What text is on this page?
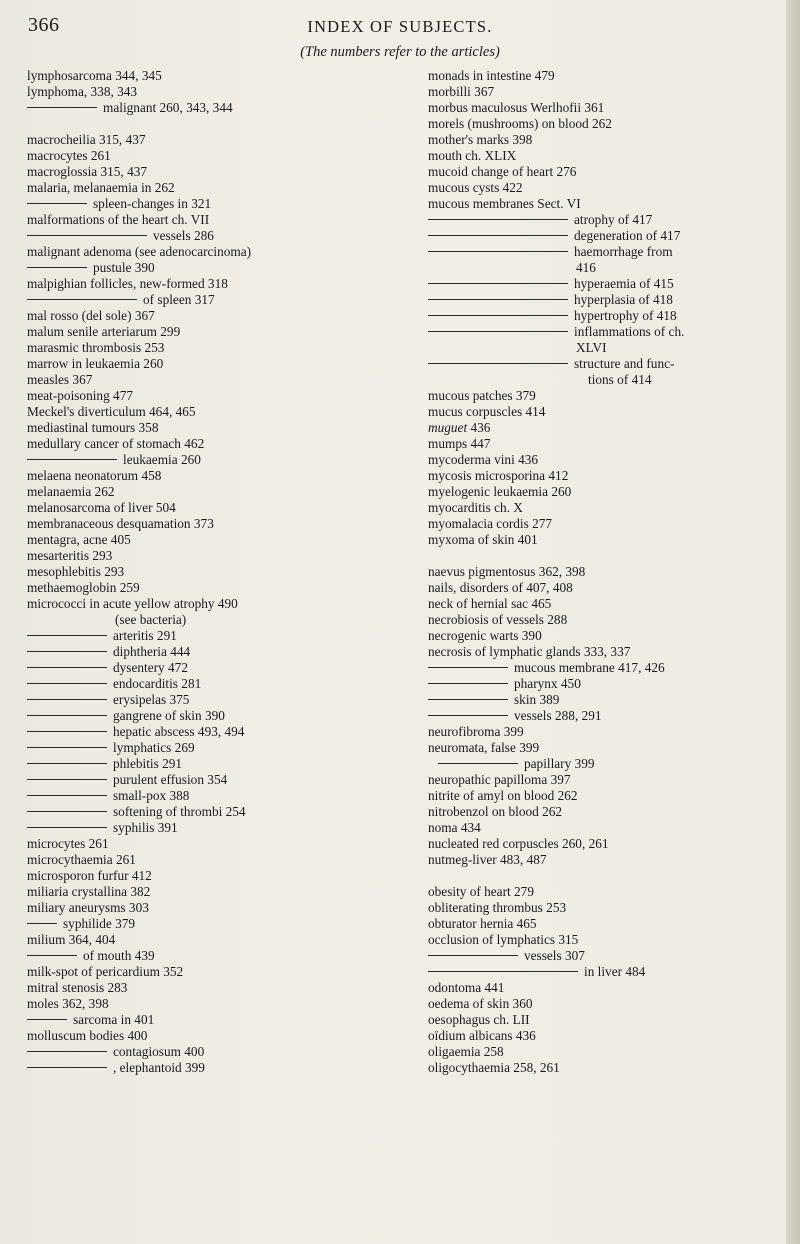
366	INDEX OF SUBJECTS.
(The numbers refer to the articles)
lymphosarcoma 344, 345
lymphoma, 338, 343
malignant 260, 343, 344
macrocheilia 315, 437
macrocytes 261
macroglossia 315, 437
malaria, melanaemia in 262
spleen-changes in 321
malformations of the heart ch. VII
vessels 286
malignant adenoma (see adenocarcinoma)
pustule 390
malpighian follicles, new-formed 318
of spleen 317
mal rosso (del sole) 367
malum senile arteriarum 299
marasmic thrombosis 253
marrow in leukaemia 260
measles 367
meat-poisoning 477
Meckel's diverticulum 464, 465
mediastinal tumours 358
medullary cancer of stomach 462
leukaemia 260
melaena neonatorum 458
melanaemia 262
melanosarcoma of liver 504
membranaceous desquamation 373
mentagra, acne 405
mesarteritis 293
mesophlebitis 293
methaemoglobin 259
micrococci in acute yellow atrophy 490
(see bacteria)
arteritis 291
diphtheria 444
dysentery 472
endocarditis 281
erysipelas 375
gangrene of skin 390
hepatic abscess 493, 494
lymphatics 269
phlebitis 291
purulent effusion 354
small-pox 388
softening of thrombi 254
syphilis 391
microcytes 261
microcythaemia 261
microsporon furfur 412
miliaria crystallina 382
miliary aneurysms 303
syphilide 379
milium 364, 404
of mouth 439
milk-spot of pericardium 352
mitral stenosis 283
moles 362, 398
sarcoma in 401
molluscum bodies 400
contagiosum 400
, elephantoid 399
monads in intestine 479
morbilli 367
morbus maculosus Werlhofii 361
morels (mushrooms) on blood 262
mother's marks 398
mouth ch. XLIX
mucoid change of heart 276
mucous cysts 422
mucous membranes Sect. VI
atrophy of 417
degeneration of 417
haemorrhage from
416
hyperaemia of 415
hyperplasia of 418
hypertrophy of 418
inflammations of ch.
XLVI
structure and func-
tions of 414
mucous patches 379
mucus corpuscles 414
muguet 436
mumps 447
mycoderma vini 436
mycosis microsporina 412
myelogenic leukaemia 260
myocarditis ch. X
myomalacia cordis 277
myxoma of skin 401
naevus pigmentosus 362, 398
nails, disorders of 407, 408
neck of hernial sac 465
necrobiosis of vessels 288
necrogenic warts 390
necrosis of lymphatic glands 333, 337
mucous membrane 417, 426
pharynx 450
skin 389
vessels 288, 291
neurofibroma 399
neuromata, false 399
papillary 399
neuropathic papilloma 397
nitrite of amyl on blood 262
nitrobenzol on blood 262
noma 434
nucleated red corpuscles 260, 261
nutmeg-liver 483, 487
obesity of heart 279
obliterating thrombus 253
obturator hernia 465
occlusion of lymphatics 315
vessels 307
in liver 484
odontoma 441
oedema of skin 360
oesophagus ch. LII
oïdium albicans 436
oligaemia 258
oligocythaemia 258, 261
